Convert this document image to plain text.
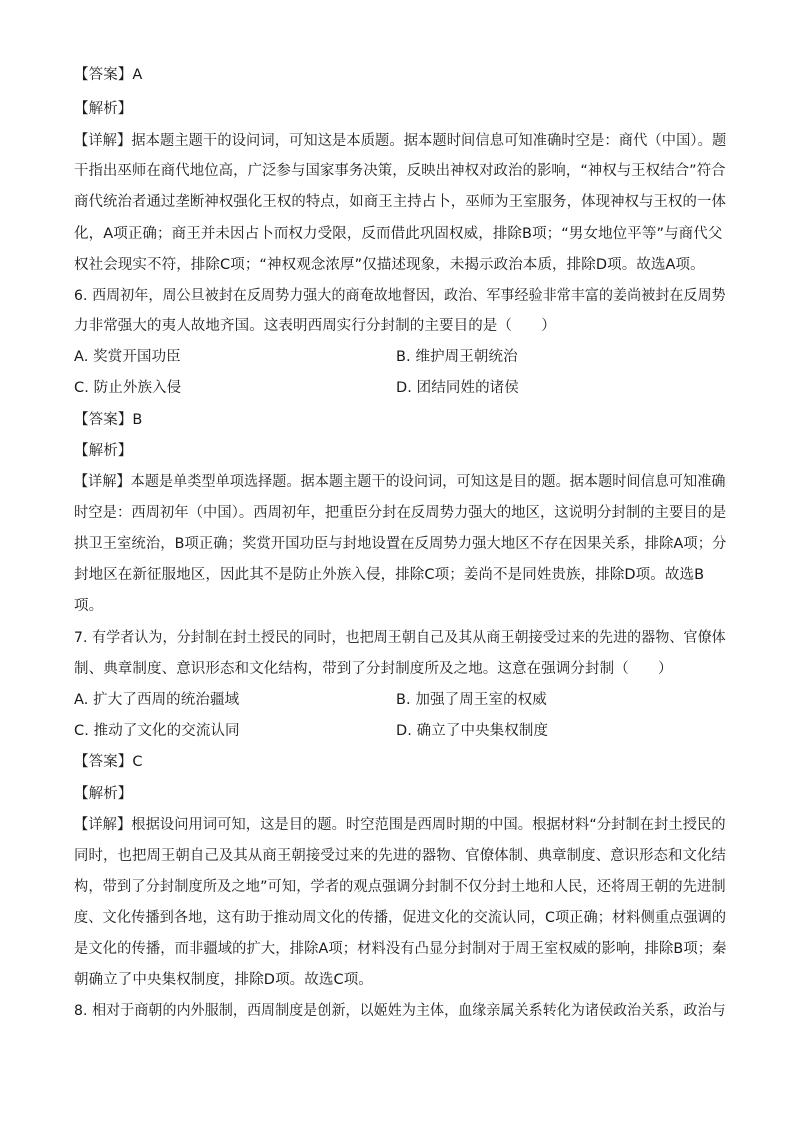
【答案】A
【解析】
【详解】据本题主题干的设问词，可知这是本质题。据本题时间信息可知准确时空是：商代（中国）。题
干指出巫师在商代地位高，广泛参与国家事务决策，反映出神权对政治的影响，“神权与王权结合”符合
商代统治者通过垄断神权强化王权的特点，如商王主持占卜，巫师为王室服务，体现神权与王权的一体
化，A项正确；商王并未因占卜而权力受限，反而借此巩固权威，排除B项；“男女地位平等”与商代父
权社会现实不符，排除C项；“神权观念浓厚”仅描述现象，未揭示政治本质，排除D项。故选A项。
6. 西周初年，周公旦被封在反周势力强大的商奄故地督因，政治、军事经验非常丰富的姜尚被封在反周势
力非常强大的夷人故地齐国。这表明西周实行分封制的主要目的是（　　）
A. 奖赏开国功臣	B. 维护周王朝统治
C. 防止外族入侵	D. 团结同姓的诸侯
【答案】B
【解析】
【详解】本题是单类型单项选择题。据本题主题干的设问词，可知这是目的题。据本题时间信息可知准确
时空是：西周初年（中国）。西周初年，把重臣分封在反周势力强大的地区，这说明分封制的主要目的是
拱卫王室统治，B项正确；奖赏开国功臣与封地设置在反周势力强大地区不存在因果关系，排除A项；分
封地区在新征服地区，因此其不是防止外族入侵，排除C项；姜尚不是同姓贵族，排除D项。故选B
项。
7. 有学者认为，分封制在封土授民的同时，也把周王朝自己及其从商王朝接受过来的先进的器物、官僚体
制、典章制度、意识形态和文化结构，带到了分封制度所及之地。这意在强调分封制（　　）
A. 扩大了西周的统治疆域	B. 加强了周王室的权威
C. 推动了文化的交流认同	D. 确立了中央集权制度
【答案】C
【解析】
【详解】根据设问用词可知，这是目的题。时空范围是西周时期的中国。根据材料“分封制在封土授民的
同时，也把周王朝自己及其从商王朝接受过来的先进的器物、官僚体制、典章制度、意识形态和文化结
构，带到了分封制度所及之地”可知，学者的观点强调分封制不仅分封土地和人民，还将周王朝的先进制
度、文化传播到各地，这有助于推动周文化的传播，促进文化的交流认同，C项正确；材料侧重点强调的
是文化的传播，而非疆域的扩大，排除A项；材料没有凸显分封制对于周王室权威的影响，排除B项；秦
朝确立了中央集权制度，排除D项。故选C项。
8. 相对于商朝的内外服制，西周制度是创新，以姬姓为主体，血缘亲属关系转化为诸侯政治关系，政治与
